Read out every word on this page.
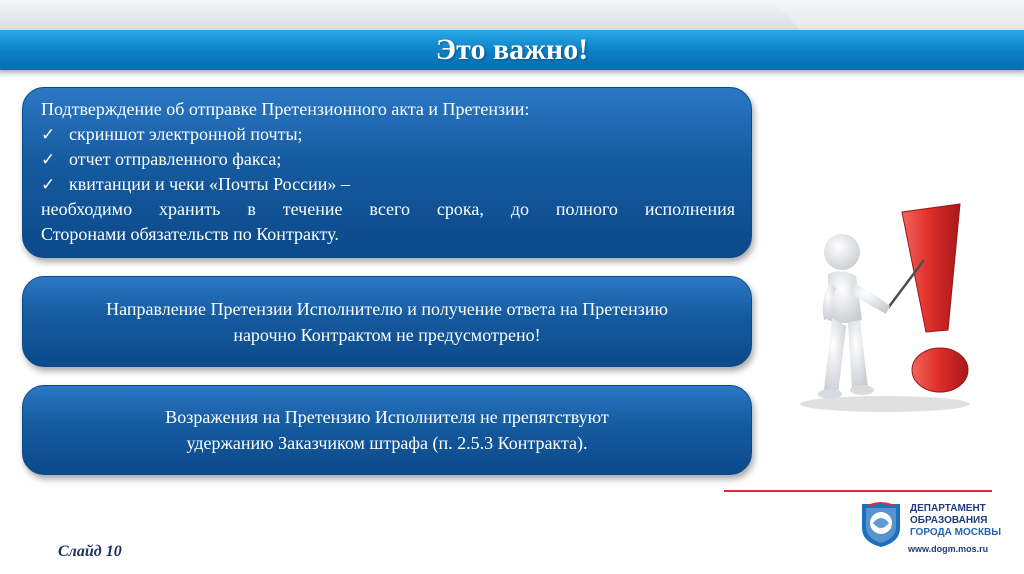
Это важно!
Подтверждение об отправке Претензионного акта и Претензии:
✓ скриншот электронной почты;
✓ отчет отправленного факса;
✓ квитанции и чеки «Почты России» –
необходимо хранить в течение всего срока, до полного исполнения
Сторонами обязательств по Контракту.
Направление Претензии Исполнителю и получение ответа на Претензию
нарочно Контрактом не предусмотрено!
Возражения на Претензию Исполнителя не препятствуют
удержанию Заказчиком штрафа (п. 2.5.3 Контракта).
ДЕПАРТАМЕНТ
ОБРАЗОВАНИЯ
ГОРОДА МОСКВЫ
www.dogm.mos.ru
Слайд 10
